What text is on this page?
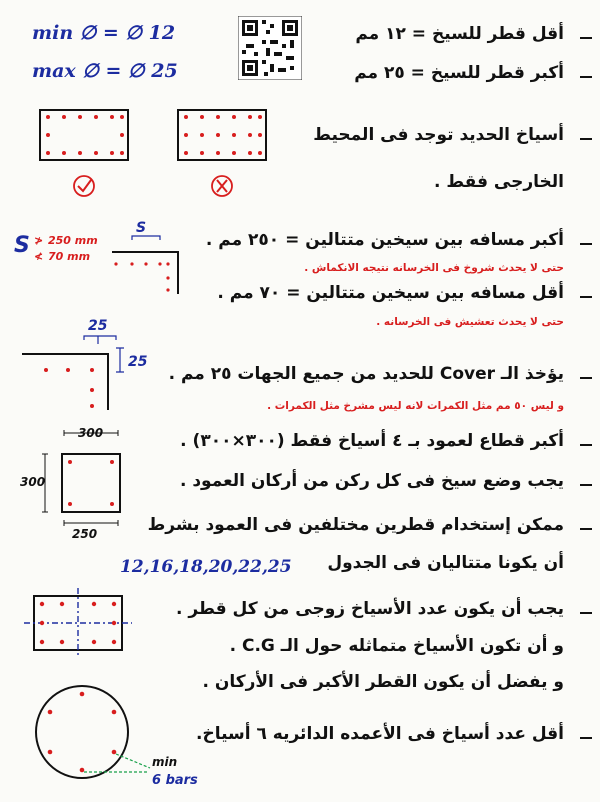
min ∅ = ∅ 12
max ∅ = ∅ 25
أقل قطر للسيخ = ١٢ مم
أكبر قطر للسيخ = ٢٥ مم
أسياخ الحديد توجد فى المحيط
الخارجى فقط .
S ≯ 250 mm
≮ 70 mm
S
أكبر مسافه بين سيخين متتالين = ٢٥٠ مم .
حتى لا يحدث شروخ فى الخرسانه نتيجه الانكماش .
أقل مسافه بين سيخين متتالين = ٧٠ مم .
حتى لا يحدث تعشيش فى الخرسانه .
25
25
يؤخذ الـ Cover للحديد من جميع الجهات ٢٥ مم .
و ليس ٥٠ مم مثل الكمرات لانه ليس مشرخ مثل الكمرات .
300
300
250
أكبر قطاع لعمود بـ ٤ أسياخ فقط (٣٠٠×٣٠٠) .
يجب وضع سيخ فى كل ركن من أركان العمود .
ممكن إستخدام قطرين مختلفين فى العمود بشرط
أن يكونا متتاليان فى الجدول
12,16,18,20,22,25
يجب أن يكون عدد الأسياخ زوجى من كل قطر .
و أن تكون الأسياخ متماثله حول الـ C.G .
و يفضل أن يكون القطر الأكبر فى الأركان .
min
6 bars
أقل عدد أسياخ فى الأعمده الدائريه ٦ أسياخ.
